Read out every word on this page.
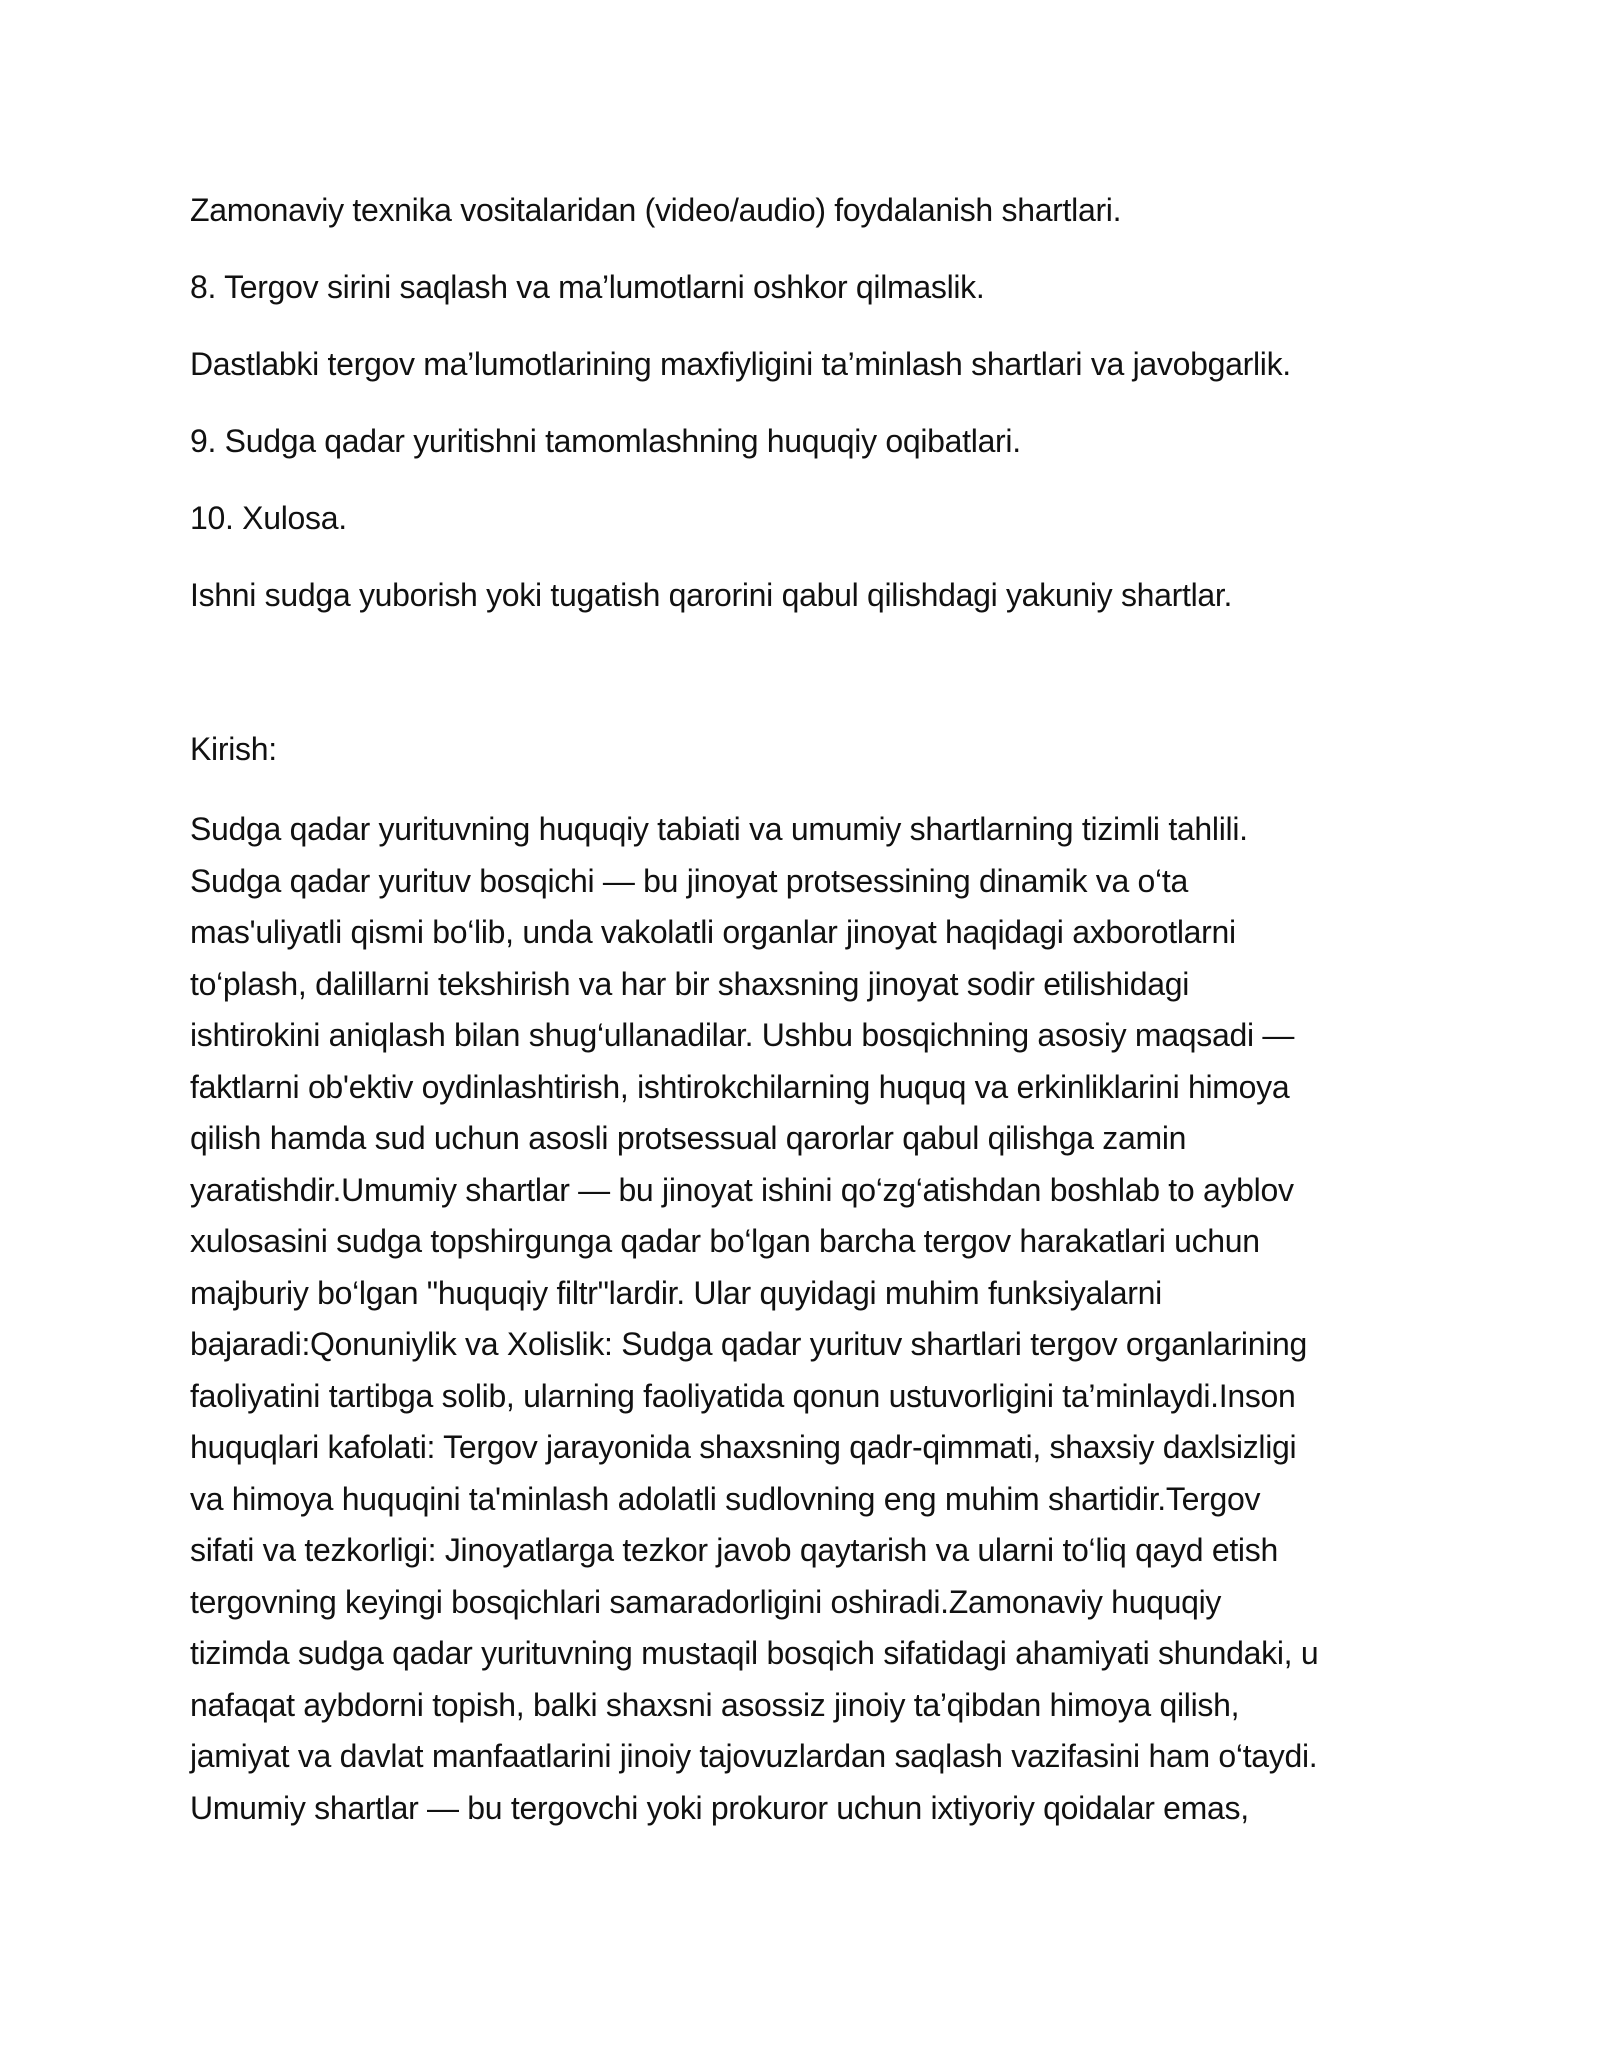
Zamonaviy texnika vositalaridan (video/audio) foydalanish shartlari.

8. Tergov sirini saqlash va ma’lumotlarni oshkor qilmaslik.

Dastlabki tergov ma’lumotlarining maxfiyligini ta’minlash shartlari va javobgarlik.

9. Sudga qadar yuritishni tamomlashning huquqiy oqibatlari.

10. Xulosa.

Ishni sudga yuborish yoki tugatish qarorini qabul qilishdagi yakuniy shartlar.

Kirish:

Sudga qadar yurituvning huquqiy tabiati va umumiy shartlarning tizimli tahlili.
Sudga qadar yurituv bosqichi — bu jinoyat protsessining dinamik va o‘ta
mas'uliyatli qismi bo‘lib, unda vakolatli organlar jinoyat haqidagi axborotlarni
to‘plash, dalillarni tekshirish va har bir shaxsning jinoyat sodir etilishidagi
ishtirokini aniqlash bilan shug‘ullanadilar. Ushbu bosqichning asosiy maqsadi —
faktlarni ob'ektiv oydinlashtirish, ishtirokchilarning huquq va erkinliklarini himoya
qilish hamda sud uchun asosli protsessual qarorlar qabul qilishga zamin
yaratishdir.Umumiy shartlar — bu jinoyat ishini qo‘zg‘atishdan boshlab to ayblov
xulosasini sudga topshirgunga qadar bo‘lgan barcha tergov harakatlari uchun
majburiy bo‘lgan "huquqiy filtr"lardir. Ular quyidagi muhim funksiyalarni
bajaradi:Qonuniylik va Xolislik: Sudga qadar yurituv shartlari tergov organlarining
faoliyatini tartibga solib, ularning faoliyatida qonun ustuvorligini ta’minlaydi.Inson
huquqlari kafolati: Tergov jarayonida shaxsning qadr-qimmati, shaxsiy daxlsizligi
va himoya huquqini ta'minlash adolatli sudlovning eng muhim shartidir.Tergov
sifati va tezkorligi: Jinoyatlarga tezkor javob qaytarish va ularni to‘liq qayd etish
tergovning keyingi bosqichlari samaradorligini oshiradi.Zamonaviy huquqiy
tizimda sudga qadar yurituvning mustaqil bosqich sifatidagi ahamiyati shundaki, u
nafaqat aybdorni topish, balki shaxsni asossiz jinoiy ta’qibdan himoya qilish,
jamiyat va davlat manfaatlarini jinoiy tajovuzlardan saqlash vazifasini ham o‘taydi.
Umumiy shartlar — bu tergovchi yoki prokuror uchun ixtiyoriy qoidalar emas,
